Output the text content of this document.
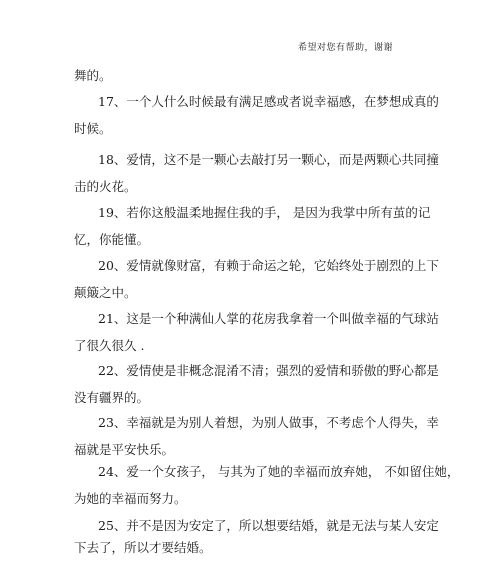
希望对您有帮助，谢谢
舞的。
17、一个人什么时候最有满足感或者说幸福感，在梦想成真的
时候。
18、爱情，这不是一颗心去敲打另一颗心，而是两颗心共同撞
击的火花。
19、若你这般温柔地握住我的手， 是因为我掌中所有茧的记
忆，你能懂。
20、爱情就像财富，有赖于命运之轮，它始终处于剧烈的上下
颠簸之中。
21、这是一个种满仙人掌的花房我拿着一个叫做幸福的气球站
了很久很久 .
22、爱情使是非概念混淆不清；强烈的爱情和骄傲的野心都是
没有疆界的。
23、幸福就是为别人着想，为别人做事，不考虑个人得失，幸
福就是平安快乐。
24、爱一个女孩子， 与其为了她的幸福而放弃她， 不如留住她，
为她的幸福而努力。
25、并不是因为安定了，所以想要结婚，就是无法与某人安定
下去了，所以才要结婚。
